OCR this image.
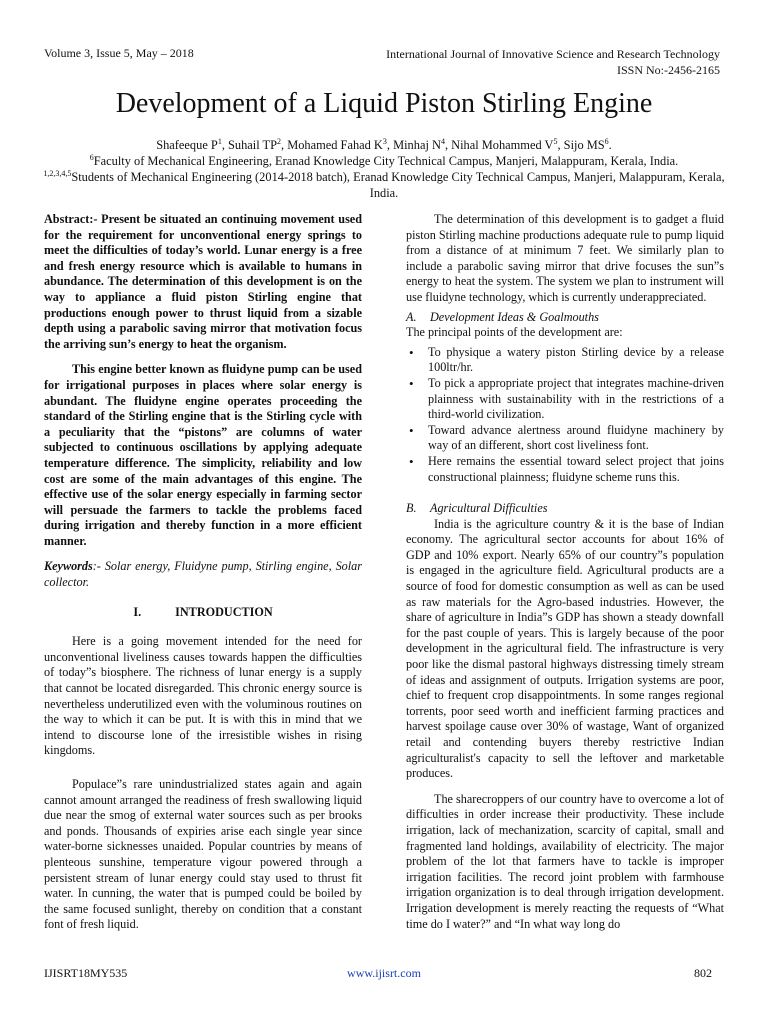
Volume 3, Issue 5, May – 2018	International Journal of Innovative Science and Research Technology
ISSN No:-2456-2165
Development of a Liquid Piston Stirling Engine
Shafeeque $P^1$, Suhail $TP^2$, Mohamed Fahad $K^3$, Minhaj $N^4$, Nihal Mohammed $V^5$, Sijo $MS^6$.
$^6$Faculty of Mechanical Engineering, Eranad Knowledge City Technical Campus, Manjeri, Malappuram, Kerala, India.
$^{1,2,3,4,5}$Students of Mechanical Engineering (2014-2018 batch), Eranad Knowledge City Technical Campus, Manjeri, Malappuram, Kerala, India.

Abstract:- Present be situated an continuing movement used for the requirement for unconventional energy springs to meet the difficulties of today’s world. Lunar energy is a free and fresh energy resource which is available to humans in abundance. The determination of this development is on the way to appliance a fluid piston Stirling engine that productions enough power to thrust liquid from a sizable depth using a parabolic saving mirror that motivation focus the arriving sun’s energy to heat the organism.

This engine better known as fluidyne pump can be used for irrigational purposes in places where solar energy is abundant. The fluidyne engine operates proceeding the standard of the Stirling engine that is the Stirling cycle with a peculiarity that the “pistons” are columns of water subjected to continuous oscillations by applying adequate temperature difference. The simplicity, reliability and low cost are some of the main advantages of this engine. The effective use of the solar energy especially in farming sector will persuade the farmers to tackle the problems faced during irrigation and thereby function in a more efficient manner.

Keywords:- Solar energy, Fluidyne pump, Stirling engine, Solar collector.

I.	INTRODUCTION

Here is a going movement intended for the need for unconventional liveliness causes towards happen the difficulties of today”s biosphere. The richness of lunar energy is a supply that cannot be located disregarded. This chronic energy source is nevertheless underutilized even with the voluminous routines on the way to which it can be put. It is with this in mind that we intend to discourse lone of the irresistible wishes in rising kingdoms.

Populace”s rare unindustrialized states again and again cannot amount arranged the readiness of fresh swallowing liquid due near the smog of external water sources such as per brooks and ponds. Thousands of expiries arise each single year since water-borne sicknesses unaided. Popular countries by means of plenteous sunshine, temperature vigour powered through a persistent stream of lunar energy could stay used to thrust fit water. In cunning, the water that is pumped could be boiled by the same focused sunlight, thereby on condition that a constant font of fresh liquid.

The determination of this development is to gadget a fluid piston Stirling machine productions adequate rule to pump liquid from a distance of at minimum 7 feet. We similarly plan to include a parabolic saving mirror that drive focuses the sun”s energy to heat the system. The system we plan to instrument will use fluidyne technology, which is currently underappreciated.

A. Development Ideas & Goalmouths

The principal points of the development are:

• To physique a watery piston Stirling device by a release 100ltr/hr.
• To pick a appropriate project that integrates machine-driven plainness with sustainability with in the restrictions of a third-world civilization.
• Toward advance alertness around fluidyne machinery by way of an different, short cost liveliness font.
• Here remains the essential toward select project that joins constructional plainness; fluidyne scheme runs this.
B. Agricultural Difficulties

India is the agriculture country & it is the base of Indian economy. The agricultural sector accounts for about 16% of GDP and 10% export. Nearly 65% of our country”s population is engaged in the agriculture field. Agricultural products are a source of food for domestic consumption as well as can be used as raw materials for the Agro-based industries. However, the share of agriculture in India”s GDP has shown a steady downfall for the past couple of years. This is largely because of the poor development in the agricultural field. The infrastructure is very poor like the dismal pastoral highways distressing timely stream of ideas and assignment of outputs. Irrigation systems are poor, chief to frequent crop disappointments. In some ranges regional torrents, poor seed worth and inefficient farming practices and harvest spoilage cause over 30% of wastage, Want of organized retail and contending buyers thereby restrictive Indian agriculturalist's capacity to sell the leftover and marketable produces.

The sharecroppers of our country have to overcome a lot of difficulties in order increase their productivity. These include irrigation, lack of mechanization, scarcity of capital, small and fragmented land holdings, availability of electricity. The major problem of the lot that farmers have to tackle is improper irrigation facilities. The record joint problem with farmhouse irrigation organization is to deal through irrigation development. Irrigation development is merely reacting the requests of “What time do I water?” and “In what way long do

IJISRT18MY535	www.ijisrt.com	802
